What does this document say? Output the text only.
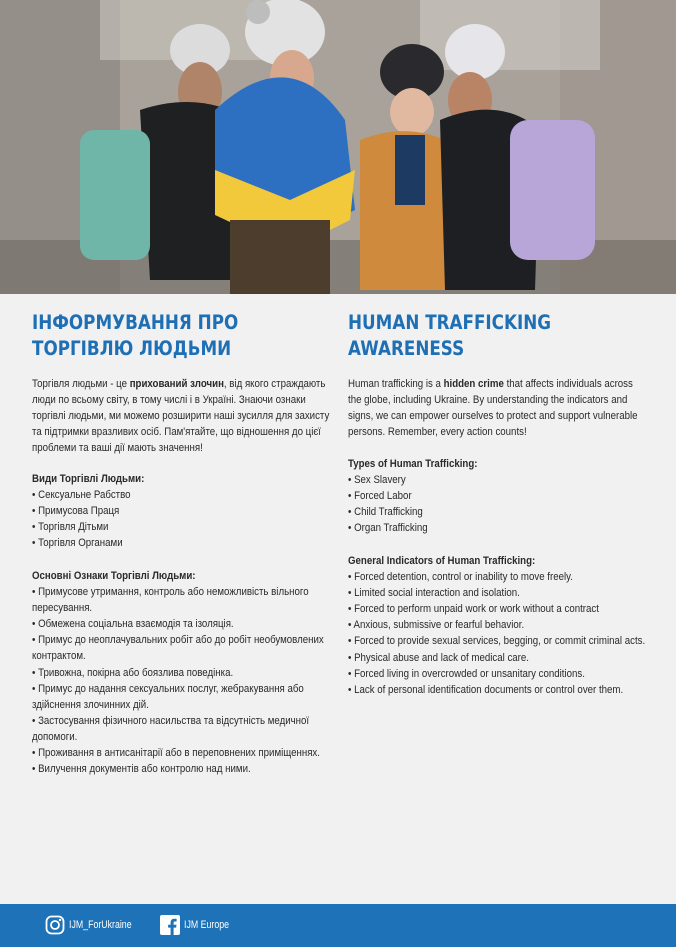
ІНФОРМУВАННЯ ПРО
ТОРГІВЛЮ ЛЮДЬМИ

Торгівля людьми - це прихований злочин, від якого страждають люди по всьому світу, в тому числі і в Україні. Знаючи ознаки торгівлі людьми, ми можемо розширити наші зусилля для захисту та підтримки вразливих осіб. Пам'ятайте, що відношення до цієї проблеми та ваші дії мають значення!

Види Торгівлі Людьми:

• Сексуальне Рабство
• Примусова Праця
• Торгівля Дітьми
• Торгівля Органами

Основні Ознаки Торгівлі Людьми:

• Примусове утримання, контроль або неможливість вільного пересування.
• Обмежена соціальна взаємодія та ізоляція.
• Примус до неоплачувальних робіт або до робіт необумовлених контрактом.
• Тривожна, покірна або боязлива поведінка.
• Примус до надання сексуальних послуг, жебракування або здійснення злочинних дій.
• Застосування фізичного насильства та відсутність медичної допомоги.
• Проживання в антисанітарії або в переповнених приміщеннях.
• Вилучення документів або контролю над ними.
HUMAN TRAFFICKING
AWARENESS

Human trafficking is a hidden crime that affects individuals across the globe, including Ukraine. By understanding the indicators and signs, we can empower ourselves to protect and support vulnerable persons. Remember, every action counts!

Types of Human Trafficking:

• Sex Slavery
• Forced Labor
• Child Trafficking
• Organ Trafficking

General Indicators of Human Trafficking:

• Forced detention, control or inability to move freely.
• Limited social interaction and isolation.
• Forced to perform unpaid work or work without a contract
• Anxious, submissive or fearful behavior.
• Forced to provide sexual services, begging, or commit criminal acts.
• Physical abuse and lack of medical care.
• Forced living in overcrowded or unsanitary conditions.
• Lack of personal identification documents or control over them.
IJM_ForUkraine	IJM Europe
